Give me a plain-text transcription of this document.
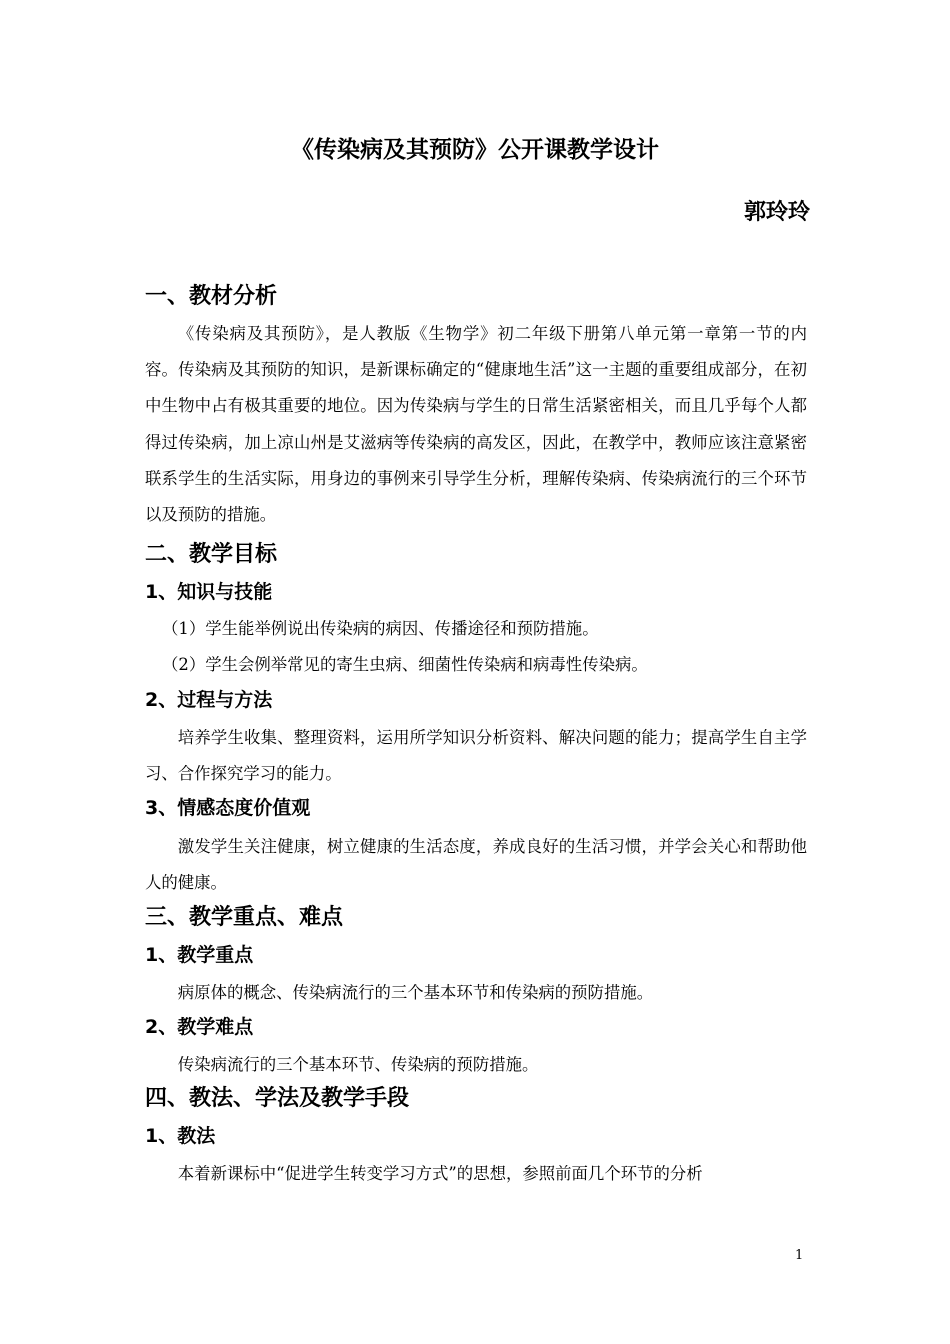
《传染病及其预防》公开课教学设计

郭玲玲

一、教材分析

《传染病及其预防》，是人教版《生物学》初二年级下册第八单元第一章第一节的内容。传染病及其预防的知识，是新课标确定的“健康地生活”这一主题的重要组成部分，在初中生物中占有极其重要的地位。因为传染病与学生的日常生活紧密相关，而且几乎每个人都得过传染病，加上凉山州是艾滋病等传染病的高发区，因此，在教学中，教师应该注意紧密联系学生的生活实际，用身边的事例来引导学生分析，理解传染病、传染病流行的三个环节以及预防的措施。

二、教学目标
1、知识与技能

（1）学生能举例说出传染病的病因、传播途径和预防措施。

（2）学生会例举常见的寄生虫病、细菌性传染病和病毒性传染病。

2、过程与方法

培养学生收集、整理资料，运用所学知识分析资料、解决问题的能力；提高学生自主学习、合作探究学习的能力。

3、情感态度价值观

激发学生关注健康，树立健康的生活态度，养成良好的生活习惯，并学会关心和帮助他人的健康。

三、教学重点、难点
1、教学重点

病原体的概念、传染病流行的三个基本环节和传染病的预防措施。

2、教学难点

传染病流行的三个基本环节、传染病的预防措施。

四、教法、学法及教学手段
1、教法

本着新课标中“促进学生转变学习方式”的思想，参照前面几个环节的分析

1
